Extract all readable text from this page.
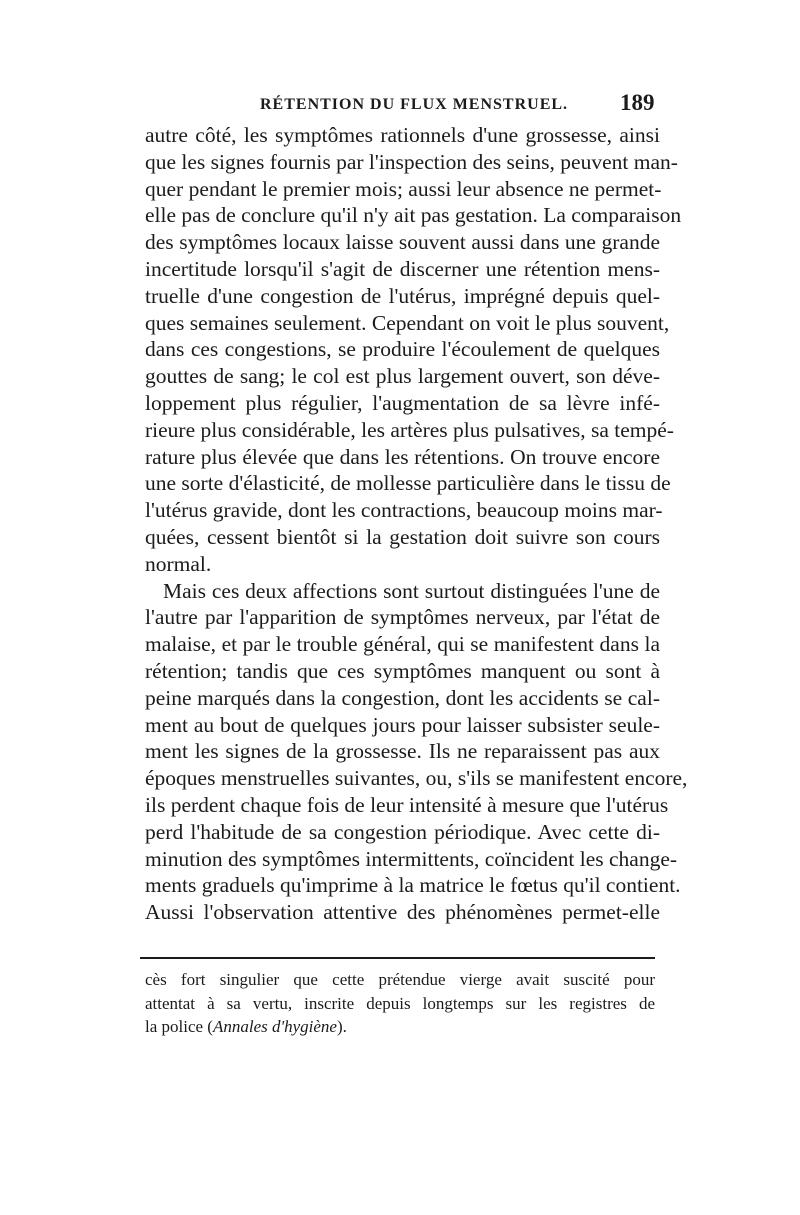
RÉTENTION DU FLUX MENSTRUEL. 189
autre côté, les symptômes rationnels d'une grossesse, ainsi
que les signes fournis par l'inspection des seins, peuvent man-
quer pendant le premier mois; aussi leur absence ne permet-
elle pas de conclure qu'il n'y ait pas gestation. La comparaison
des symptômes locaux laisse souvent aussi dans une grande
incertitude lorsqu'il s'agit de discerner une rétention mens-
truelle d'une congestion de l'utérus, imprégné depuis quel-
ques semaines seulement. Cependant on voit le plus souvent,
dans ces congestions, se produire l'écoulement de quelques
gouttes de sang; le col est plus largement ouvert, son déve-
loppement plus régulier, l'augmentation de sa lèvre infé-
rieure plus considérable, les artères plus pulsatives, sa tempé-
rature plus élevée que dans les rétentions. On trouve encore
une sorte d'élasticité, de mollesse particulière dans le tissu de
l'utérus gravide, dont les contractions, beaucoup moins mar-
quées, cessent bientôt si la gestation doit suivre son cours
normal.
Mais ces deux affections sont surtout distinguées l'une de
l'autre par l'apparition de symptômes nerveux, par l'état de
malaise, et par le trouble général, qui se manifestent dans la
rétention; tandis que ces symptômes manquent ou sont à
peine marqués dans la congestion, dont les accidents se cal-
ment au bout de quelques jours pour laisser subsister seule-
ment les signes de la grossesse. Ils ne reparaissent pas aux
époques menstruelles suivantes, ou, s'ils se manifestent encore,
ils perdent chaque fois de leur intensité à mesure que l'utérus
perd l'habitude de sa congestion périodique. Avec cette di-
minution des symptômes intermittents, coïncident les change-
ments graduels qu'imprime à la matrice le fœtus qu'il contient.
Aussi l'observation attentive des phénomènes permet-elle
cès fort singulier que cette prétendue vierge avait suscité pour
attentat à sa vertu, inscrite depuis longtemps sur les registres de
la police (Annales d'hygiène).
